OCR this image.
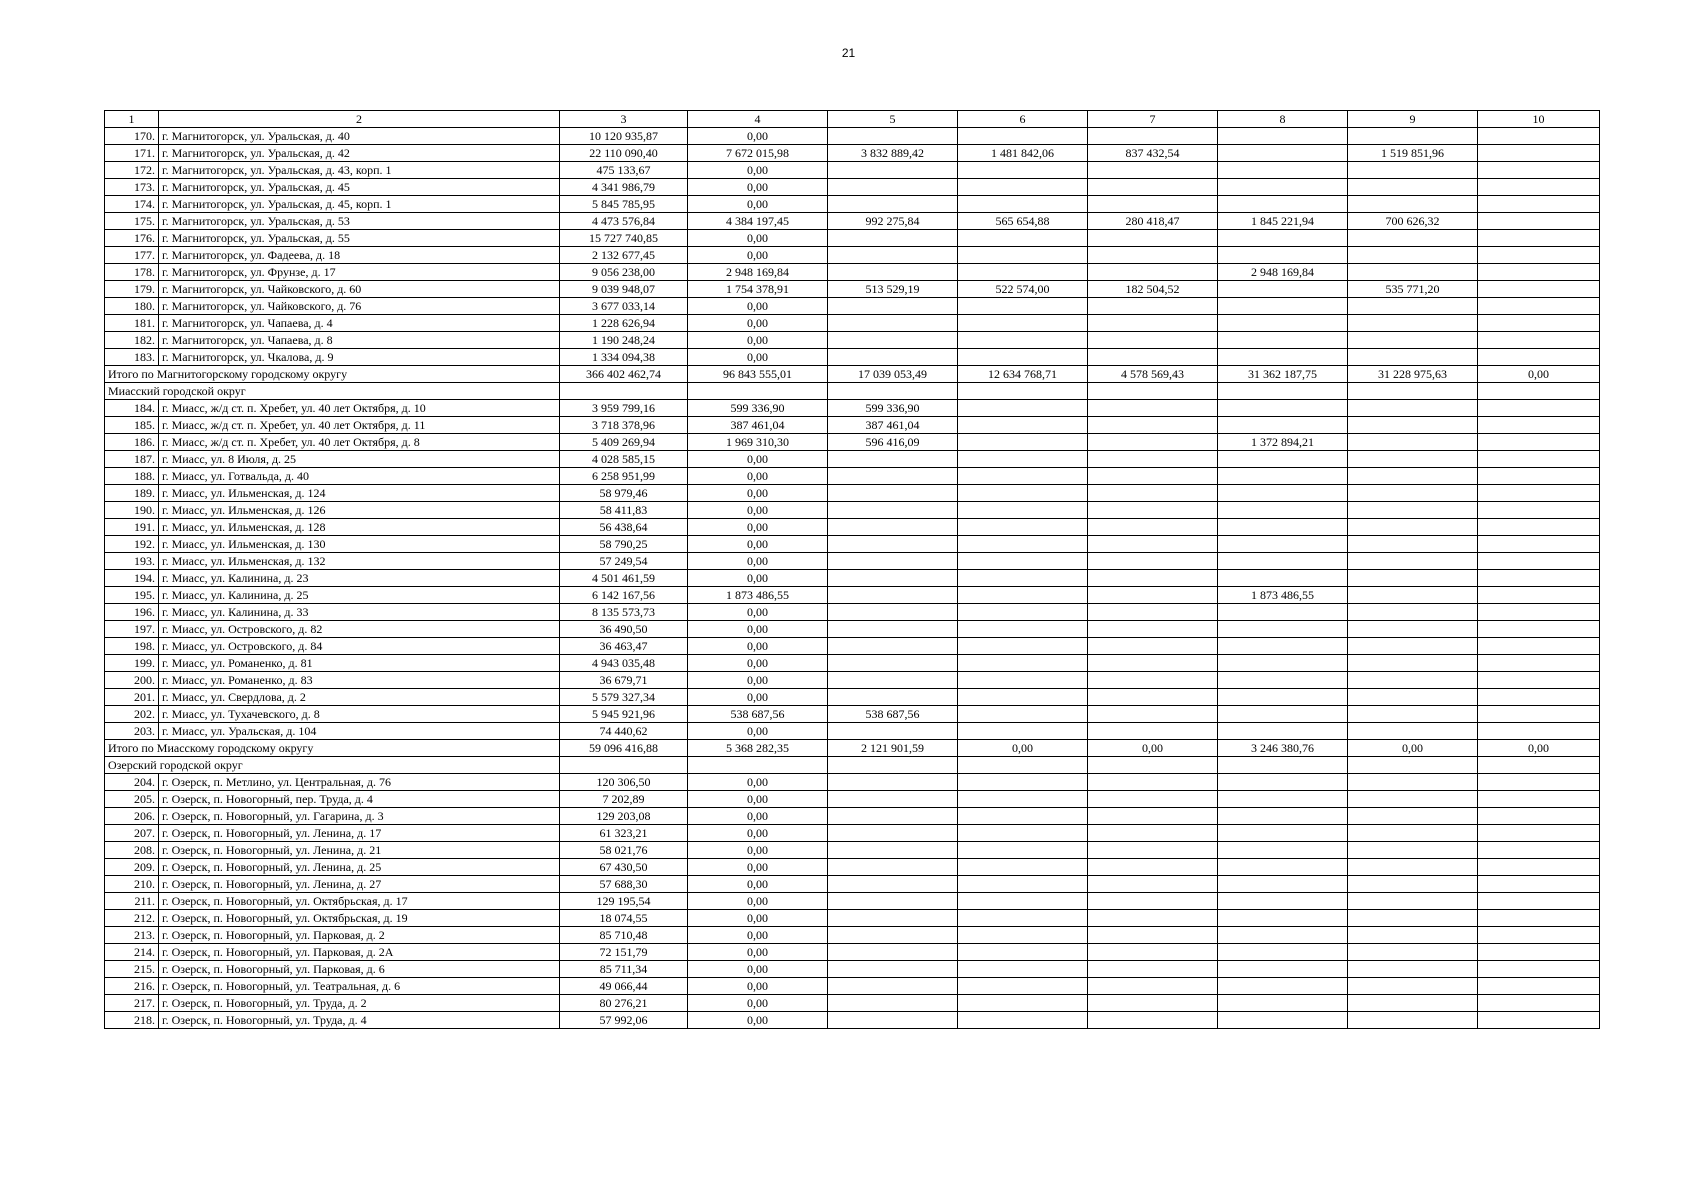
21
1	2	3	4	5	6	7	8	9	10
170.	г. Магнитогорск, ул. Уральская, д. 40	10 120 935,87	0,00						
171.	г. Магнитогорск, ул. Уральская, д. 42	22 110 090,40	7 672 015,98	3 832 889,42	1 481 842,06	837 432,54		1 519 851,96	
172.	г. Магнитогорск, ул. Уральская, д. 43, корп. 1	475 133,67	0,00						
173.	г. Магнитогорск, ул. Уральская, д. 45	4 341 986,79	0,00						
174.	г. Магнитогорск, ул. Уральская, д. 45, корп. 1	5 845 785,95	0,00						
175.	г. Магнитогорск, ул. Уральская, д. 53	4 473 576,84	4 384 197,45	992 275,84	565 654,88	280 418,47	1 845 221,94	700 626,32	
176.	г. Магнитогорск, ул. Уральская, д. 55	15 727 740,85	0,00						
177.	г. Магнитогорск, ул. Фадеева, д. 18	2 132 677,45	0,00						
178.	г. Магнитогорск, ул. Фрунзе, д. 17	9 056 238,00	2 948 169,84				2 948 169,84		
179.	г. Магнитогорск, ул. Чайковского, д. 60	9 039 948,07	1 754 378,91	513 529,19	522 574,00	182 504,52		535 771,20	
180.	г. Магнитогорск, ул. Чайковского, д. 76	3 677 033,14	0,00						
181.	г. Магнитогорск, ул. Чапаева, д. 4	1 228 626,94	0,00						
182.	г. Магнитогорск, ул. Чапаева, д. 8	1 190 248,24	0,00						
183.	г. Магнитогорск, ул. Чкалова, д. 9	1 334 094,38	0,00						
Итого по Магнитогорскому городскому округу		366 402 462,74	96 843 555,01	17 039 053,49	12 634 768,71	4 578 569,43	31 362 187,75	31 228 975,63	0,00
Миасский городской округ									
184.	г. Миасс, ж/д ст. п. Хребет, ул. 40 лет Октября, д. 10	3 959 799,16	599 336,90	599 336,90					
185.	г. Миасс, ж/д ст. п. Хребет, ул. 40 лет Октября, д. 11	3 718 378,96	387 461,04	387 461,04					
186.	г. Миасс, ж/д ст. п. Хребет, ул. 40 лет Октября, д. 8	5 409 269,94	1 969 310,30	596 416,09			1 372 894,21		
187.	г. Миасс, ул. 8 Июля, д. 25	4 028 585,15	0,00						
188.	г. Миасс, ул. Готвальда, д. 40	6 258 951,99	0,00						
189.	г. Миасс, ул. Ильменская, д. 124	58 979,46	0,00						
190.	г. Миасс, ул. Ильменская, д. 126	58 411,83	0,00						
191.	г. Миасс, ул. Ильменская, д. 128	56 438,64	0,00						
192.	г. Миасс, ул. Ильменская, д. 130	58 790,25	0,00						
193.	г. Миасс, ул. Ильменская, д. 132	57 249,54	0,00						
194.	г. Миасс, ул. Калинина, д. 23	4 501 461,59	0,00						
195.	г. Миасс, ул. Калинина, д. 25	6 142 167,56	1 873 486,55				1 873 486,55		
196.	г. Миасс, ул. Калинина, д. 33	8 135 573,73	0,00						
197.	г. Миасс, ул. Островского, д. 82	36 490,50	0,00						
198.	г. Миасс, ул. Островского, д. 84	36 463,47	0,00						
199.	г. Миасс, ул. Романенко, д. 81	4 943 035,48	0,00						
200.	г. Миасс, ул. Романенко, д. 83	36 679,71	0,00						
201.	г. Миасс, ул. Свердлова, д. 2	5 579 327,34	0,00						
202.	г. Миасс, ул. Тухачевского, д. 8	5 945 921,96	538 687,56	538 687,56					
203.	г. Миасс, ул. Уральская, д. 104	74 440,62	0,00						
Итого по Миасскому городскому округу		59 096 416,88	5 368 282,35	2 121 901,59	0,00	0,00	3 246 380,76	0,00	0,00
Озерский городской округ									
204.	г. Озерск, п. Метлино, ул. Центральная, д. 76	120 306,50	0,00						
205.	г. Озерск, п. Новогорный, пер. Труда, д. 4	7 202,89	0,00						
206.	г. Озерск, п. Новогорный, ул. Гагарина, д. 3	129 203,08	0,00						
207.	г. Озерск, п. Новогорный, ул. Ленина, д. 17	61 323,21	0,00						
208.	г. Озерск, п. Новогорный, ул. Ленина, д. 21	58 021,76	0,00						
209.	г. Озерск, п. Новогорный, ул. Ленина, д. 25	67 430,50	0,00						
210.	г. Озерск, п. Новогорный, ул. Ленина, д. 27	57 688,30	0,00						
211.	г. Озерск, п. Новогорный, ул. Октябрьская, д. 17	129 195,54	0,00						
212.	г. Озерск, п. Новогорный, ул. Октябрьская, д. 19	18 074,55	0,00						
213.	г. Озерск, п. Новогорный, ул. Парковая, д. 2	85 710,48	0,00						
214.	г. Озерск, п. Новогорный, ул. Парковая, д. 2А	72 151,79	0,00						
215.	г. Озерск, п. Новогорный, ул. Парковая, д. 6	85 711,34	0,00						
216.	г. Озерск, п. Новогорный, ул. Театральная, д. 6	49 066,44	0,00						
217.	г. Озерск, п. Новогорный, ул. Труда, д. 2	80 276,21	0,00						
218.	г. Озерск, п. Новогорный, ул. Труда, д. 4	57 992,06	0,00						
